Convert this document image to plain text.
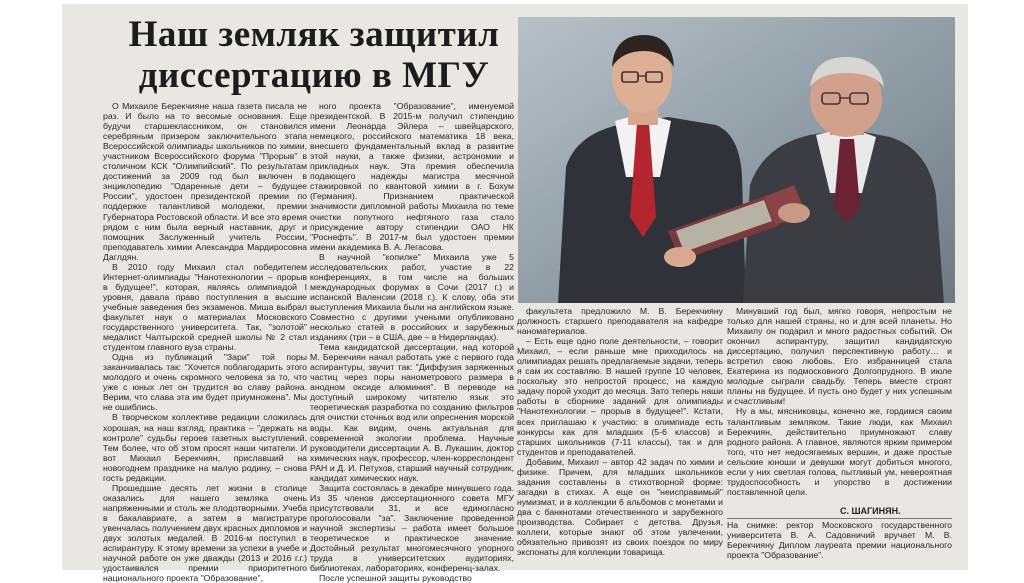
Наш земляк защитил диссертацию в МГУ

О Михаиле Берекчияне наша газета писала не раз. И было на то весомые основания. Еще будучи старшеклассником, он становился серебряным призером заключительного этапа Всероссийской олимпиады школьников по химии, участником Всероссийского форума "Прорыв" в столичном КСК "Олимпийский". По результатам достижений за 2009 год был включен в энциклопедию "Одаренные дети – будущее России", удостоен президентской премии по поддержке талантливой молодежи, премии Губернатора Ростовской области. И все это время рядом с ним была верный наставник, друг и помощник Заслуженный учитель России, преподаватель химии Александра Мардиросовна Даглдян.

В 2010 году Михаил стал победителем Интернет-олимпиады "Нанотехнологии – прорыв в будущее!", которая, являясь олимпиадой I уровня, давала право поступления в высшие учебные заведения без экзаменов. Миша выбрал факультет наук о материалах Московского государственного университета. Так, "золотой" медалист Чалтырской средней школы № 2 стал студентом главного вуза страны.

Одна из публикаций "Зари" той поры заканчивалась так: "Хочется поблагодарить этого молодого и очень скромного человека за то, что уже с юных лет он трудится во славу района. Верим, что слава эта им будет приумножена". Мы не ошиблись.

В творческом коллективе редакции сложилась хорошая, на наш взгляд, практика – "держать на контроле" судьбы героев газетных выступлений. Тем более, что об этом просят наши читатели. И вот Михаил Берекчиян, приславший на новогоднем празднике на малую родину, – снова гость редакции.

Прошедшие десять лет жизни в столице оказались для нашего земляка очень напряженными и столь же плодотворными. Учеба в бакалавриате, а затем в магистратуре увенчалась получением двух красных дипломов и двух золотых медалей. В 2016-м поступил в аспирантуру. К этому времени за успехи в учебе и научной работе он уже дважды (2013 и 2016 г.г.) удостаивался премии приоритетного национального проекта "Образование",

ного проекта "Образование", именуемой президентской. В 2015-м получил стипендию имени Леонарда Эйлера – швейцарского, немецкого, российского математика 18 века, внесшего фундаментальный вклад в развитие этой науки, а также физики, астрономии и прикладных наук. Эта премия обеспечила подающего надежды магистра месячной стажировкой по квантовой химии в г. Бохум (Германия). Признанием практической значимости дипломной работы Михаила по теме очистки попутного нефтяного газа стало присуждение автору стипендии ОАО НК "Роснефть". В 2017-м был удостоен премии имени академика В. А. Легасова.

В научной "копилке" Михаила уже 5 исследовательских работ, участие в 22 конференциях, в том числе на больших международных форумах в Сочи (2017 г.) и испанской Валенсии (2018 г.). К слову, оба эти выступления Михаила были на английском языке. Совместно с другими учеными опубликовано несколько статей в российских и зарубежных изданиях (три – в США, две – в Нидерландах).

Тема кандидатской диссертации, над которой М. Берекчиян начал работать уже с первого года аспирантуры, звучит так: "Диффузия заряженных частиц через поры нанометрового размера в анодном оксиде алюминия". В переводе на доступный широкому читателю язык это теоретическая разработка по созданию фильтров для очистки сточных вод или опреснения морской воды. Как видим, очень актуальная для современной экологии проблема. Научные руководители диссертации А. В. Лукашин, доктор химических наук, профессор, член-корреспондент РАН и Д. И. Петухов, старший научный сотрудник, кандидат химических наук.

Защита состоялась в декабре минувшего года. Из 35 членов диссертационного совета МГУ присутствовали 31, и все единогласно проголосовали "за". Заключение проведенной научной экспертизы – работа имеет большое теоретическое и практическое значение. Достойный результат многомесячного упорного труда в университетских аудиториях, библиотеках, лабораториях, конференц-залах.

После успешной защиты руководство

факультета предложило М. В. Берекчияну должность старшего преподавателя на кафедре наноматериалов.

– Есть еще одно поле деятельности, – говорит Михаил, – если раньше мне приходилось на олимпиадах решать предлагаемые задачи, теперь я сам их составляю. В нашей группе 10 человек, поскольку это непростой процесс, на каждую задачу порой уходит до месяца. Зато теперь наши работы в сборнике заданий для олимпиады "Нанотехнологии – прорыв в будущее!". Кстати, всех приглашаю к участию: в олимпиаде есть конкурсы как для младших (5-6 классов) и старших школьников (7-11 классы), так и для студентов и преподавателей.

Добавим, Михаил – автор 42 задач по химии и физике. Причем, для младших школьников задания составлены в стихотворной форме: загадки в стихах. А еще он "неисправимый" нумизмат, и в коллекции 6 альбомов с монетами и два с банкнотами отечественного и зарубежного производства. Собирает с детства. Друзья, коллеги, которые знают об этом увлечении, обязательно привозят из своих поездок по миру экспонаты для коллекции товарища.

Минувший год был, мягко говоря, непростым не только для нашей страны, но и для всей планеты. Но Михаилу он подарил и много радостных событий. Он окончил аспирантуру, защитил кандидатскую диссертацию, получил перспективную работу… и встретил свою любовь. Его избранницей стала Екатерина из подмосковного Долгопрудного. В июле молодые сыграли свадьбу. Теперь вместе строят планы на будущее. И пусть оно будет у них успешным и счастливым!

Ну а мы, мясниковцы, конечно же, гордимся своим талантливым земляком. Такие люди, как Михаил Берекчиян, действительно приумножают славу родного района. А главное, являются ярким примером того, что нет недосягаемых вершин, и даже простые сельские юноши и девушки могут добиться многого, если у них светлая голова, пытливый ум, невероятная трудоспособность и упорство в достижении поставленной цели.

С. ШАГИНЯН.
На снимке: ректор Московского государственного университета В. А. Садовничий вручает М. В. Берекчияну Диплом лауреата премии национального проекта "Образование".
